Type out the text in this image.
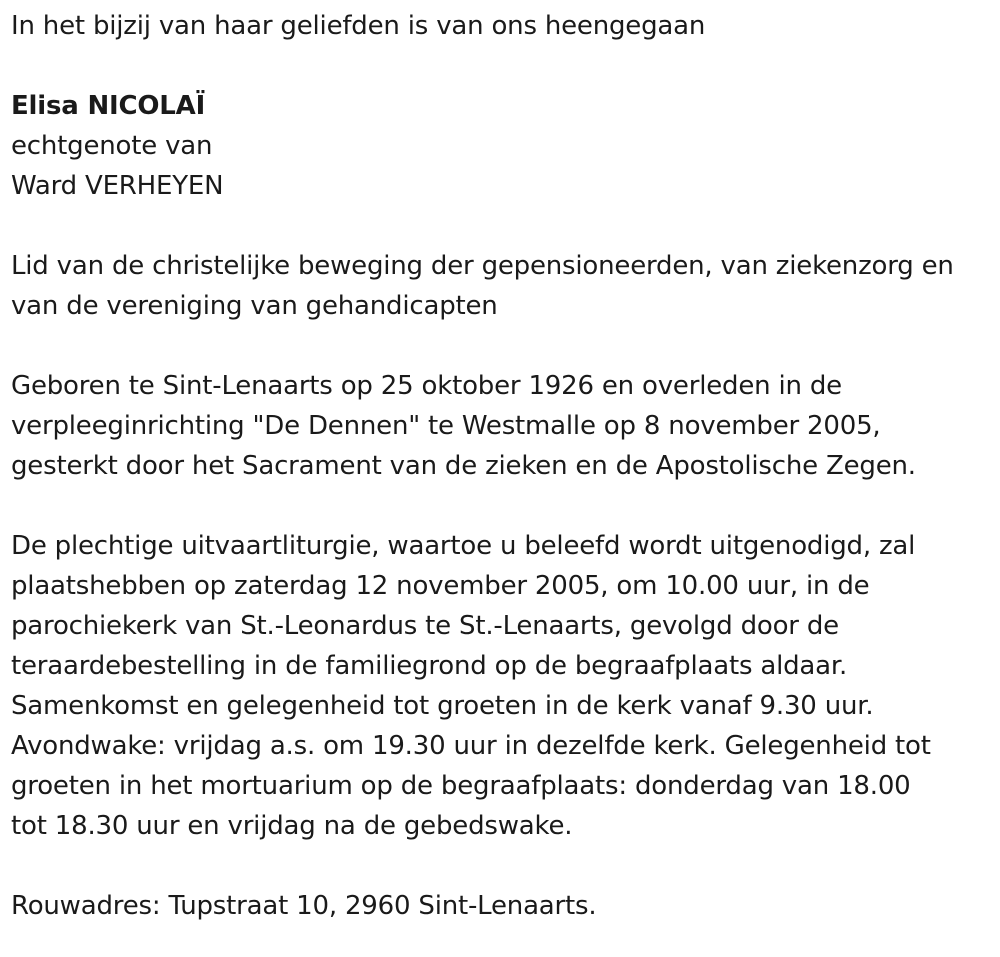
In het bijzij van haar geliefden is van ons heengegaan
Elisa NICOLAÏ
echtgenote van
Ward VERHEYEN
Lid van de christelijke beweging der gepensioneerden, van ziekenzorg en
van de vereniging van gehandicapten
Geboren te Sint-Lenaarts op 25 oktober 1926 en overleden in de
verpleeginrichting "De Dennen" te Westmalle op 8 november 2005,
gesterkt door het Sacrament van de zieken en de Apostolische Zegen.
De plechtige uitvaartliturgie, waartoe u beleefd wordt uitgenodigd, zal
plaatshebben op zaterdag 12 november 2005, om 10.00 uur, in de
parochiekerk van St.-Leonardus te St.-Lenaarts, gevolgd door de
teraardebestelling in de familiegrond op de begraafplaats aldaar.
Samenkomst en gelegenheid tot groeten in de kerk vanaf 9.30 uur.
Avondwake: vrijdag a.s. om 19.30 uur in dezelfde kerk. Gelegenheid tot
groeten in het mortuarium op de begraafplaats: donderdag van 18.00
tot 18.30 uur en vrijdag na de gebedswake.
Rouwadres: Tupstraat 10, 2960 Sint-Lenaarts.
